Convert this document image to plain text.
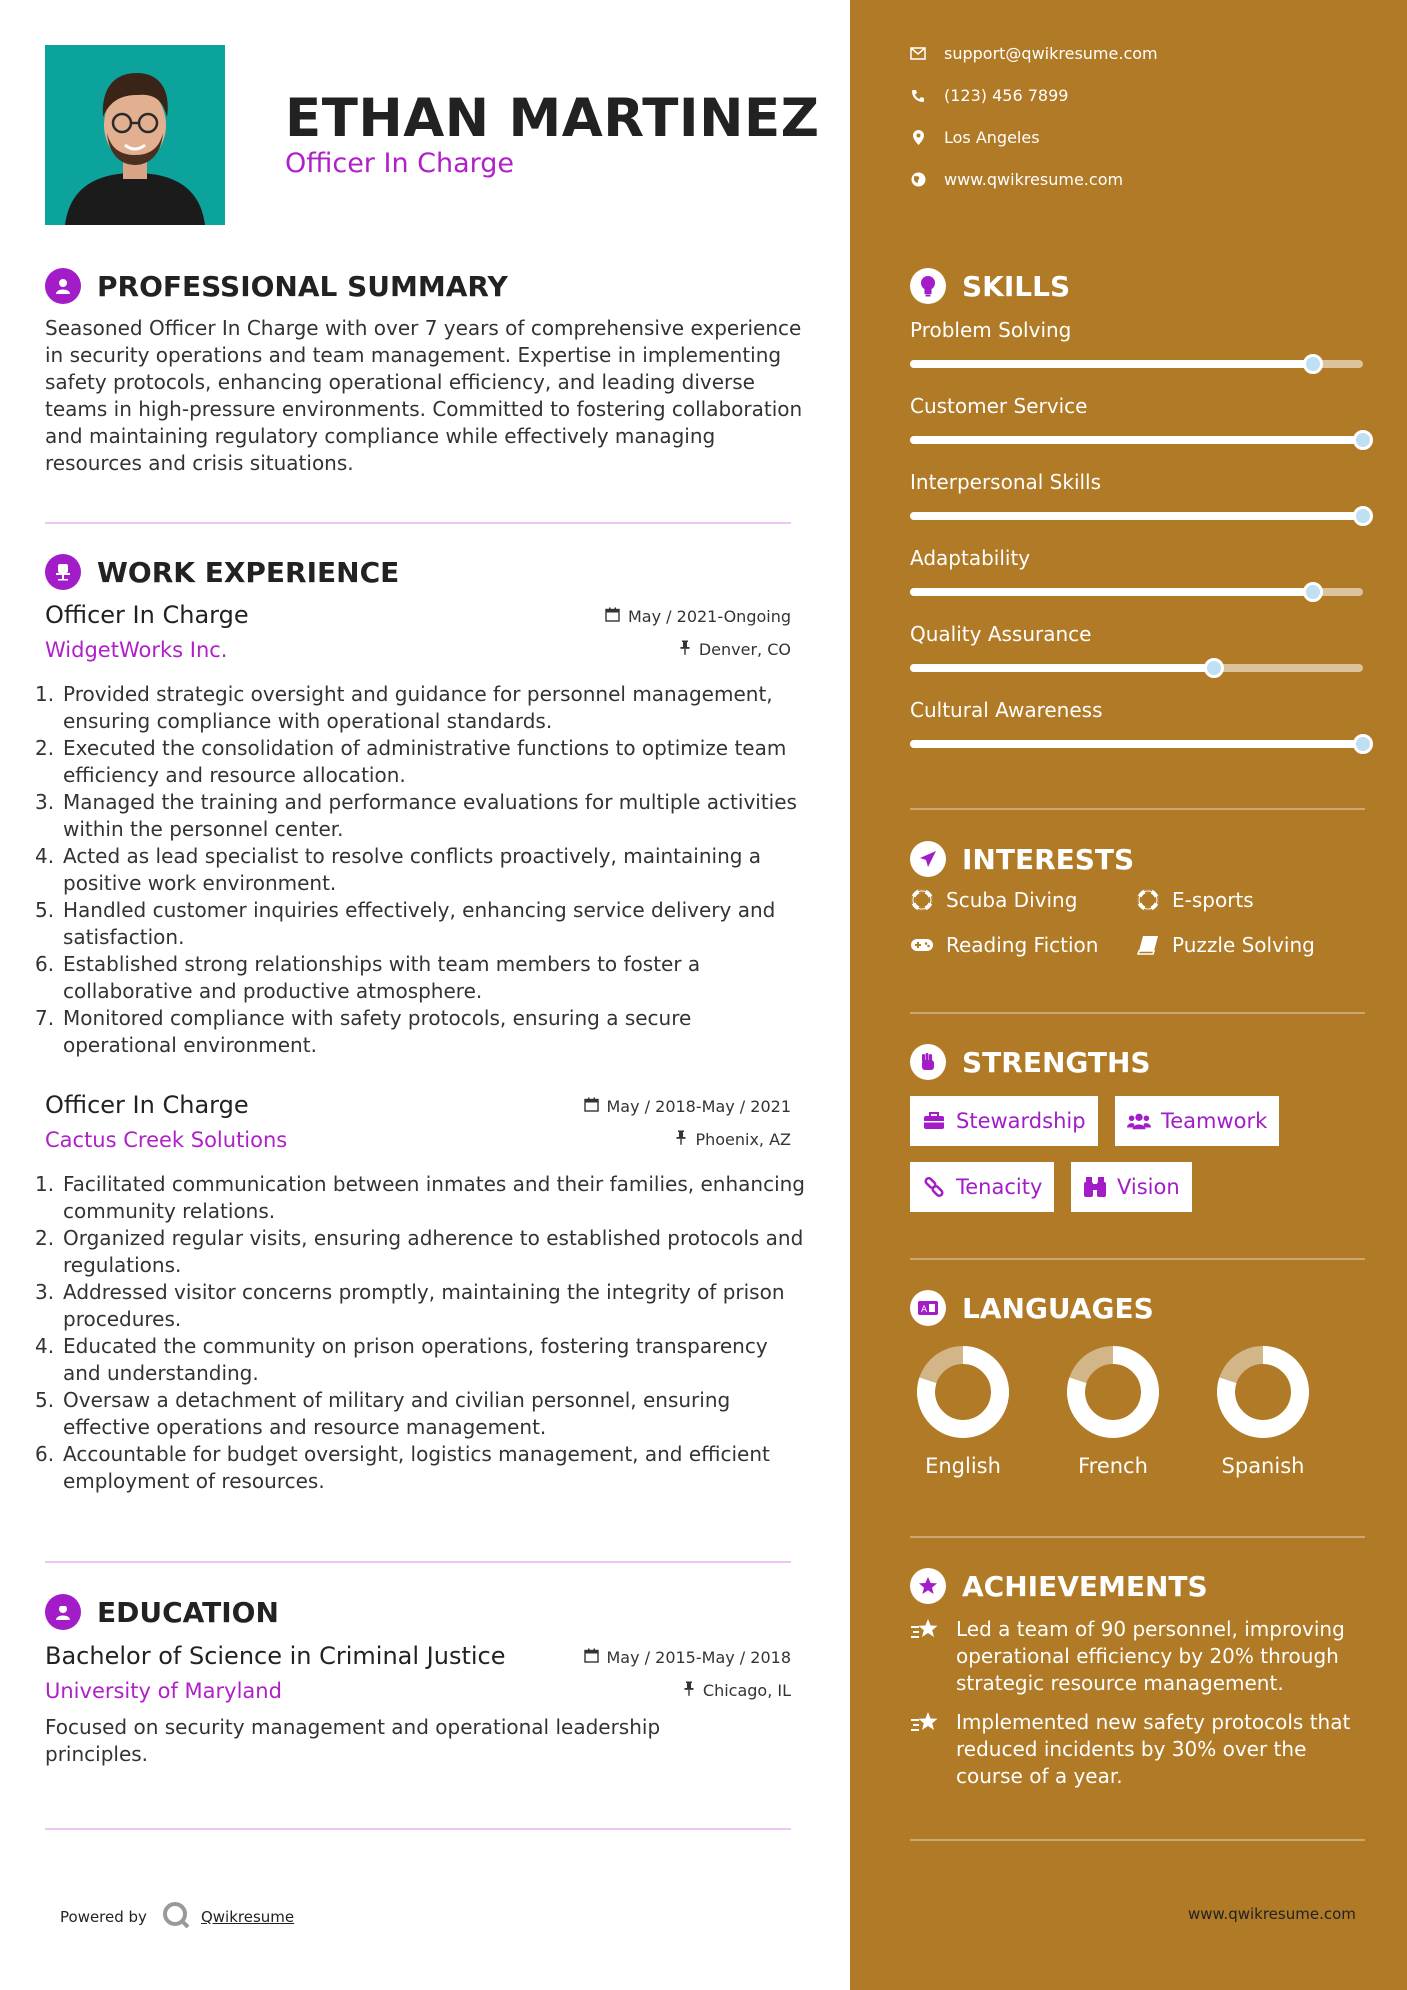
ETHAN MARTINEZ
Officer In Charge
PROFESSIONAL SUMMARY
Seasoned Officer In Charge with over 7 years of comprehensive experience in security operations and team management. Expertise in implementing safety protocols, enhancing operational efficiency, and leading diverse teams in high-pressure environments. Committed to fostering collaboration and maintaining regulatory compliance while effectively managing resources and crisis situations.
WORK EXPERIENCE
Officer In Charge
WidgetWorks Inc.
May / 2021-Ongoing
Denver, CO
1. Provided strategic oversight and guidance for personnel management, ensuring compliance with operational standards.
2. Executed the consolidation of administrative functions to optimize team efficiency and resource allocation.
3. Managed the training and performance evaluations for multiple activities within the personnel center.
4. Acted as lead specialist to resolve conflicts proactively, maintaining a positive work environment.
5. Handled customer inquiries effectively, enhancing service delivery and satisfaction.
6. Established strong relationships with team members to foster a collaborative and productive atmosphere.
7. Monitored compliance with safety protocols, ensuring a secure operational environment.
Officer In Charge
Cactus Creek Solutions
May / 2018-May / 2021
Phoenix, AZ
1. Facilitated communication between inmates and their families, enhancing community relations.
2. Organized regular visits, ensuring adherence to established protocols and regulations.
3. Addressed visitor concerns promptly, maintaining the integrity of prison procedures.
4. Educated the community on prison operations, fostering transparency and understanding.
5. Oversaw a detachment of military and civilian personnel, ensuring effective operations and resource management.
6. Accountable for budget oversight, logistics management, and efficient employment of resources.
EDUCATION
Bachelor of Science in Criminal Justice
University of Maryland
May / 2015-May / 2018
Chicago, IL
Focused on security management and operational leadership principles.
Powered by	Qwikresume
support@qwikresume.com
(123) 456 7899
Los Angeles
www.qwikresume.com
SKILLS
Problem Solving
Customer Service
Interpersonal Skills
Adaptability
Quality Assurance
Cultural Awareness
INTERESTS
Scuba Diving	E-sports
Reading Fiction	Puzzle Solving
STRENGTHS
Stewardship	Teamwork
Tenacity	Vision
A LANGUAGES
English	French	Spanish
ACHIEVEMENTS
Led a team of 90 personnel, improving operational efficiency by 20% through strategic resource management.
Implemented new safety protocols that reduced incidents by 30% over the course of a year.
www.qwikresume.com
